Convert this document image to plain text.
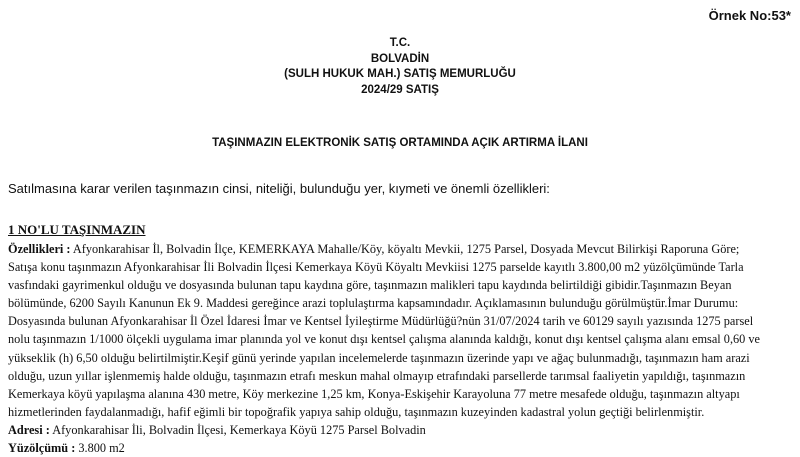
Örnek No:53*
T.C.
BOLVADİN
(SULH HUKUK MAH.) SATIŞ MEMURLUĞU
2024/29 SATIŞ
TAŞINMAZIN ELEKTRONİK SATIŞ ORTAMINDA AÇIK ARTIRMA İLANI
Satılmasına karar verilen taşınmazın cinsi, niteliği, bulunduğu yer, kıymeti ve önemli özellikleri:
1 NO'LU TAŞINMAZIN
Özellikleri : Afyonkarahisar İl, Bolvadin İlçe, KEMERKAYA Mahalle/Köy, köyaltı Mevkii, 1275 Parsel, Dosyada Mevcut Bilirkişi Raporuna Göre;
Satışa konu taşınmazın Afyonkarahisar İli Bolvadin İlçesi Kemerkaya Köyü Köyaltı Mevkiisi 1275 parselde kayıtlı 3.800,00 m2 yüzölçümünde Tarla
vasfındaki gayrimenkul olduğu ve dosyasında bulunan tapu kaydına göre, taşınmazın malikleri tapu kaydında belirtildiği gibidir.Taşınmazın Beyan
bölümünde, 6200 Sayılı Kanunun Ek 9. Maddesi gereğince arazi toplulaştırma kapsamındadır. Açıklamasının bulunduğu görülmüştür.İmar Durumu:
Dosyasında bulunan Afyonkarahisar İl Özel İdaresi İmar ve Kentsel İyileştirme Müdürlüğü?nün 31/07/2024 tarih ve 60129 sayılı yazısında 1275 parsel
nolu taşınmazın 1/1000 ölçekli uygulama imar planında yol ve konut dışı kentsel çalışma alanında kaldığı, konut dışı kentsel çalışma alanı emsal 0,60 ve
yükseklik (h) 6,50 olduğu belirtilmiştir.Keşif günü yerinde yapılan incelemelerde taşınmazın üzerinde yapı ve ağaç bulunmadığı, taşınmazın ham arazi
olduğu, uzun yıllar işlenmemiş halde olduğu, taşınmazın etrafı meskun mahal olmayıp etrafındaki parsellerde tarımsal faaliyetin yapıldığı, taşınmazın
Kemerkaya köyü yapılaşma alanına 430 metre, Köy merkezine 1,25 km, Konya-Eskişehir Karayoluna 77 metre mesafede olduğu, taşınmazın altyapı
hizmetlerinden faydalanmadığı, hafif eğimli bir topoğrafik yapıya sahip olduğu, taşınmazın kuzeyinden kadastral yolun geçtiği belirlenmiştir.
Adresi : Afyonkarahisar İli, Bolvadin İlçesi, Kemerkaya Köyü 1275 Parsel Bolvadin
Yüzölçümü : 3.800 m2
